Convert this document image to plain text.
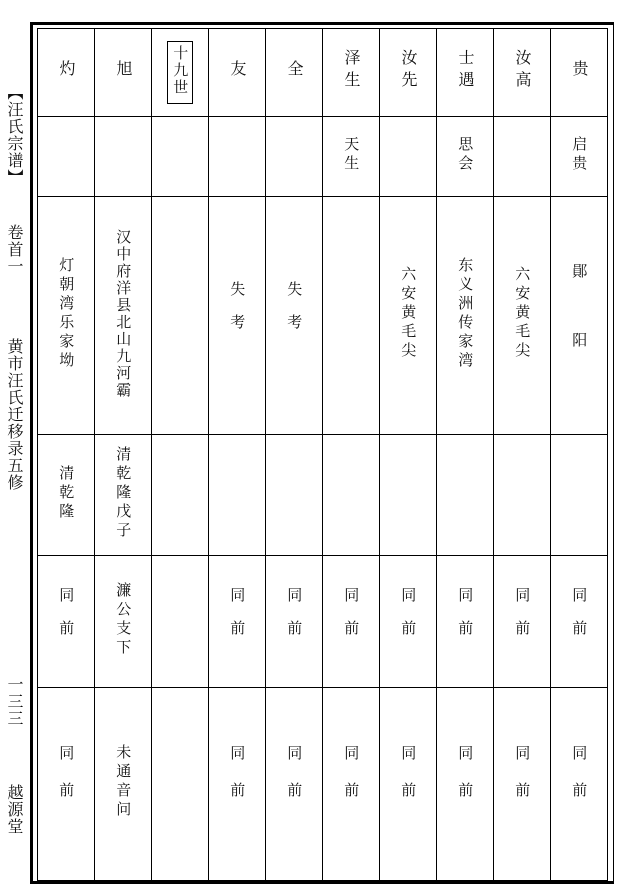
【汪氏宗谱】
卷首一
黄市汪氏迁移录五修
一三三
越源堂
灼	旭	十九世	友	全	泽生	汝先	士遇	汝高	贵
					天生		思会		启贵
灯朝湾乐家坳	汉中府洋县北山九河霸		失考	失考		六安黄毛尖	东义洲传家湾	六安黄毛尖	鄖 阳
清乾隆	清乾隆戊子								
同前	濂公支下		同前	同前	同前	同前	同前	同前	同前
同前	未通音问		同前	同前	同前	同前	同前	同前	同前
